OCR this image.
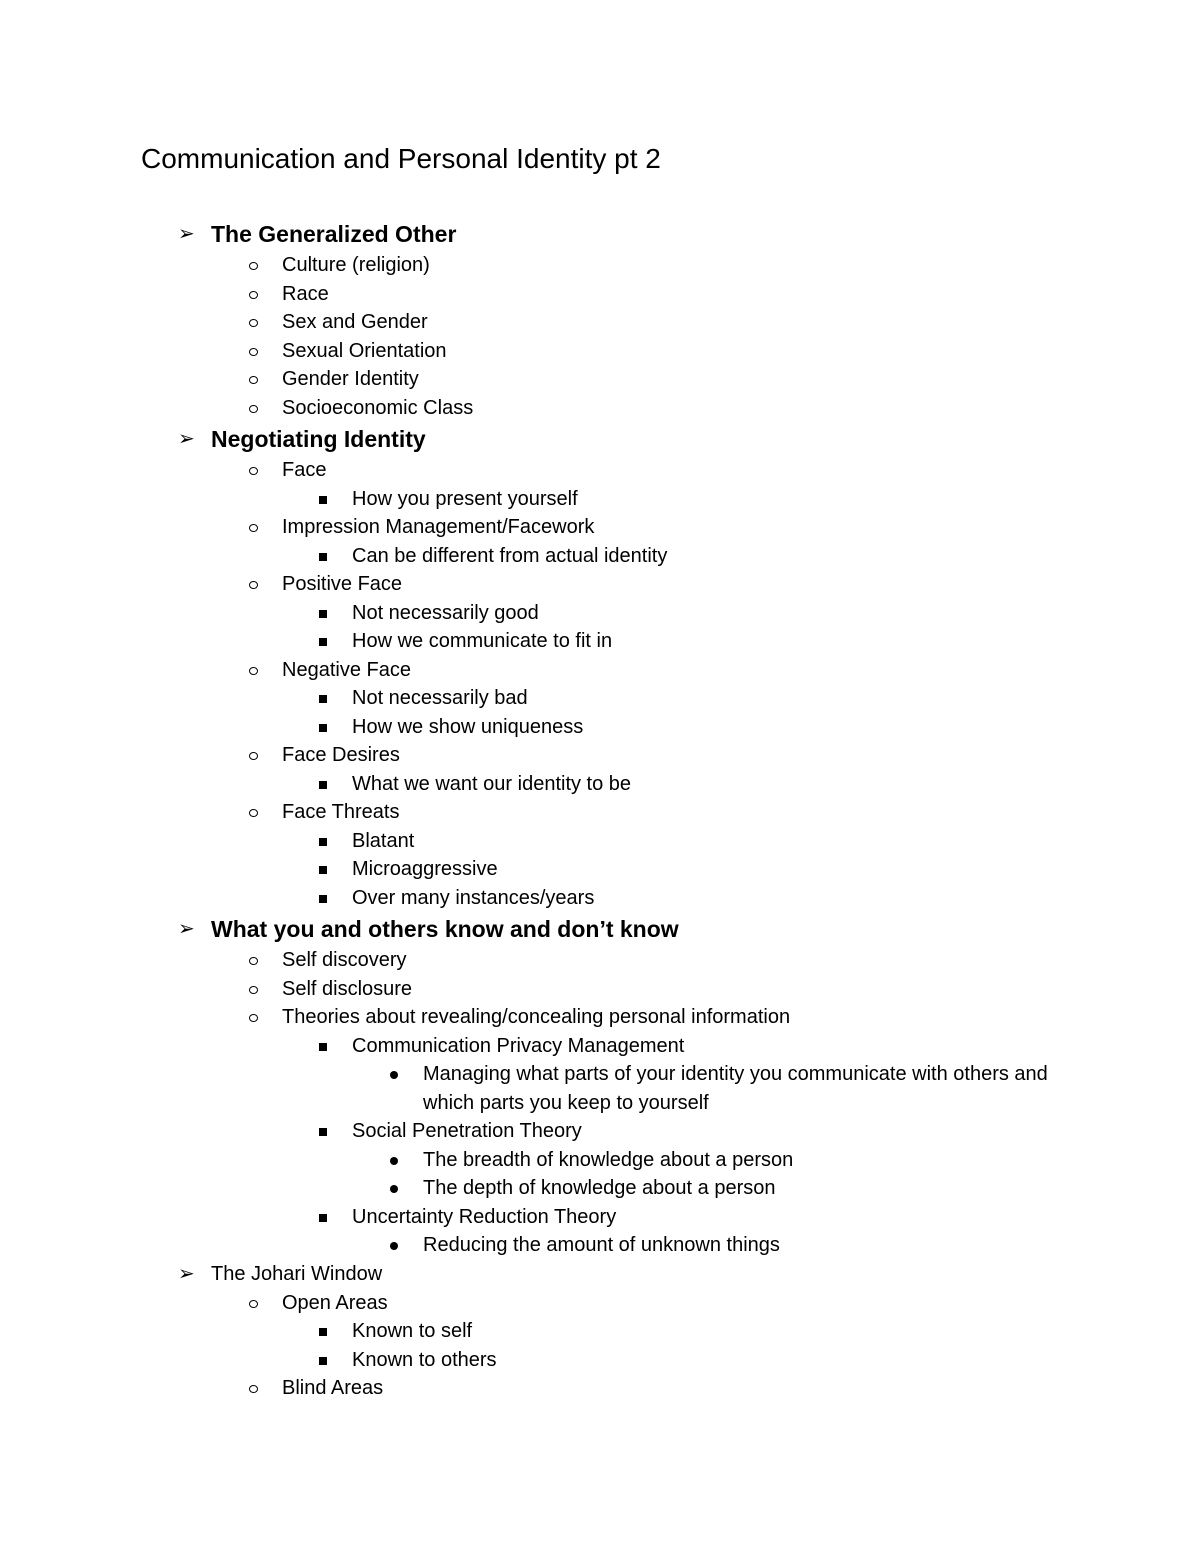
Communication and Personal Identity pt 2
➢ The Generalized Other
Culture (religion)
Race
Sex and Gender
Sexual Orientation
Gender Identity
Socioeconomic Class
➢ Negotiating Identity
Face
How you present yourself
Impression Management/Facework
Can be different from actual identity
Positive Face
Not necessarily good
How we communicate to fit in
Negative Face
Not necessarily bad
How we show uniqueness
Face Desires
What we want our identity to be
Face Threats
Blatant
Microaggressive
Over many instances/years
➢ What you and others know and don’t know
Self discovery
Self disclosure
Theories about revealing/concealing personal information
Communication Privacy Management
Managing what parts of your identity you communicate with others and which parts you keep to yourself
Social Penetration Theory
The breadth of knowledge about a person
The depth of knowledge about a person
Uncertainty Reduction Theory
Reducing the amount of unknown things
➢ The Johari Window
Open Areas
Known to self
Known to others
Blind Areas
